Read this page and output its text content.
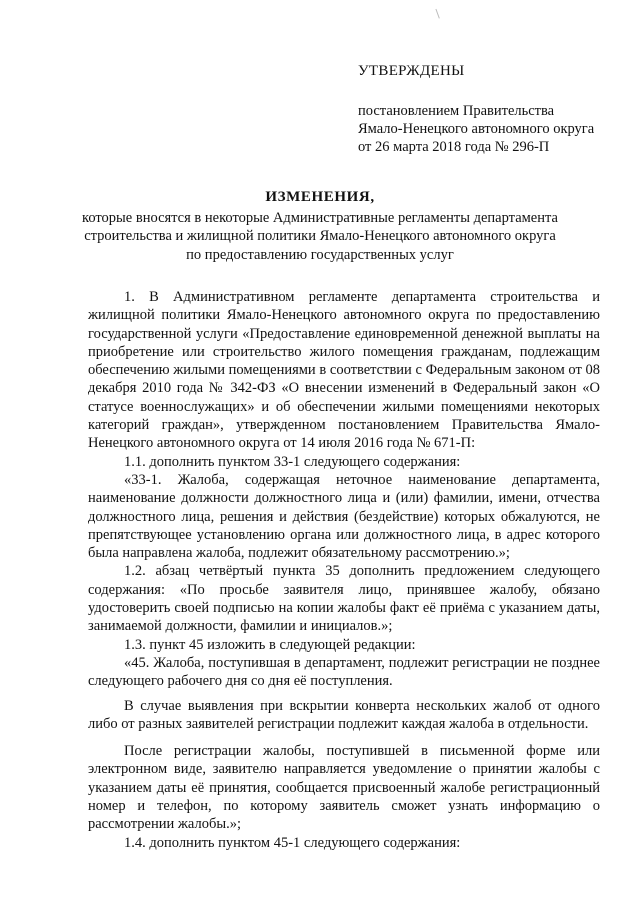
УТВЕРЖДЕНЫ
постановлением Правительства
Ямало-Ненецкого автономного округа
от 26 марта 2018 года № 296-П
ИЗМЕНЕНИЯ,
которые вносятся в некоторые Административные регламенты департамента
строительства и жилищной политики Ямало-Ненецкого автономного округа
по предоставлению государственных услуг

1. В Административном регламенте департамента строительства и жилищной политики Ямало-Ненецкого автономного округа по предоставлению государственной услуги «Предоставление единовременной денежной выплаты на приобретение или строительство жилого помещения гражданам, подлежащим обеспечению жилыми помещениями в соответствии с Федеральным законом от 08 декабря 2010 года № 342-ФЗ «О внесении изменений в Федеральный закон «О статусе военнослужащих» и об обеспечении жилыми помещениями некоторых категорий граждан», утвержденном постановлением Правительства Ямало-Ненецкого автономного округа от 14 июля 2016 года № 671-П:

1.1. дополнить пунктом 33-1 следующего содержания:

«33-1. Жалоба, содержащая неточное наименование департамента, наименование должности должностного лица и (или) фамилии, имени, отчества должностного лица, решения и действия (бездействие) которых обжалуются, не препятствующее установлению органа или должностного лица, в адрес которого была направлена жалоба, подлежит обязательному рассмотрению.»;

1.2. абзац четвёртый пункта 35 дополнить предложением следующего содержания: «По просьбе заявителя лицо, принявшее жалобу, обязано удостоверить своей подписью на копии жалобы факт её приёма с указанием даты, занимаемой должности, фамилии и инициалов.»;

1.3. пункт 45 изложить в следующей редакции:

«45. Жалоба, поступившая в департамент, подлежит регистрации не позднее следующего рабочего дня со дня её поступления.

В случае выявления при вскрытии конверта нескольких жалоб от одного либо от разных заявителей регистрации подлежит каждая жалоба в отдельности.

После регистрации жалобы, поступившей в письменной форме или электронном виде, заявителю направляется уведомление о принятии жалобы с указанием даты её принятия, сообщается присвоенный жалобе регистрационный номер и телефон, по которому заявитель сможет узнать информацию о рассмотрении жалобы.»;

1.4. дополнить пунктом 45-1 следующего содержания:
